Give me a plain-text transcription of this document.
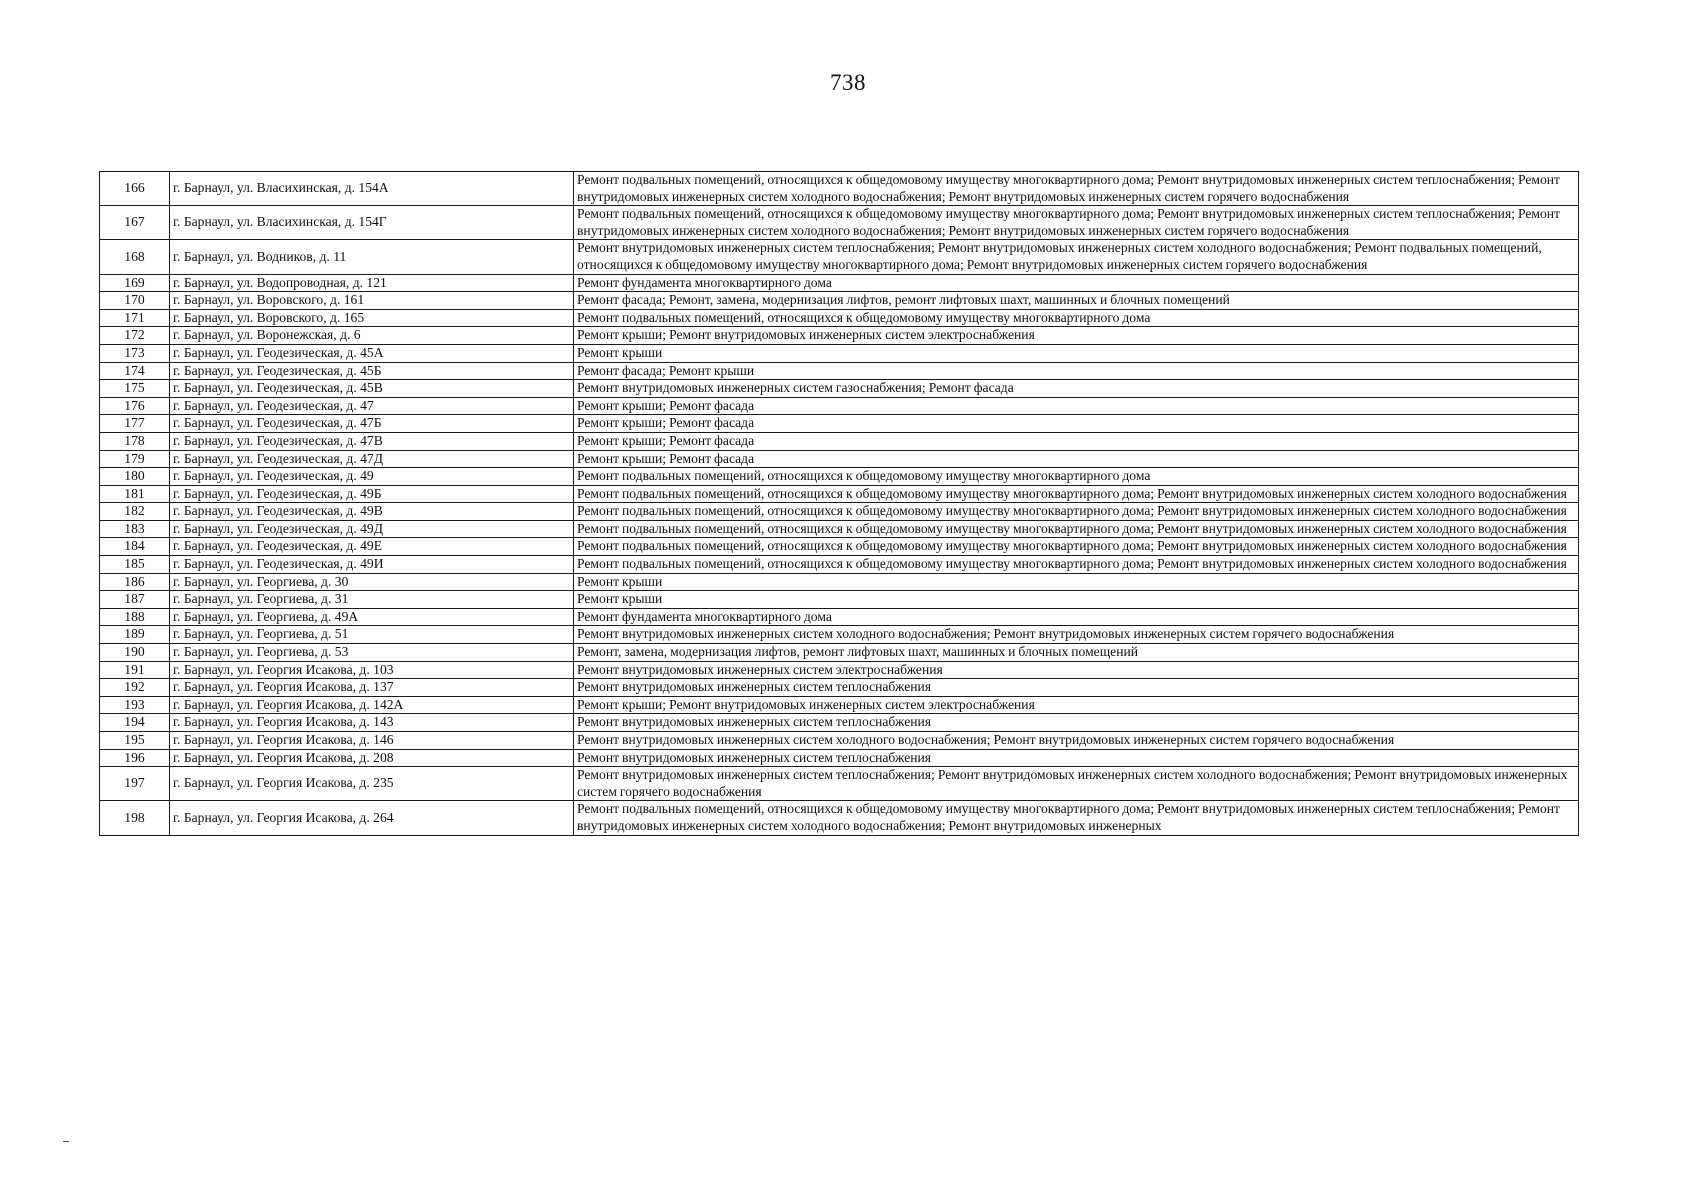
738
166	г. Барнаул, ул. Власихинская, д. 154А	Ремонт подвальных помещений, относящихся к общедомовому имуществу многоквартирного дома; Ремонт внутридомовых инженерных систем теплоснабжения; Ремонт внутридомовых инженерных систем холодного водоснабжения; Ремонт внутридомовых инженерных систем горячего водоснабжения
167	г. Барнаул, ул. Власихинская, д. 154Г	Ремонт подвальных помещений, относящихся к общедомовому имуществу многоквартирного дома; Ремонт внутридомовых инженерных систем теплоснабжения; Ремонт внутридомовых инженерных систем холодного водоснабжения; Ремонт внутридомовых инженерных систем горячего водоснабжения
168	г. Барнаул, ул. Водников, д. 11	Ремонт внутридомовых инженерных систем теплоснабжения; Ремонт внутридомовых инженерных систем холодного водоснабжения; Ремонт подвальных помещений, относящихся к общедомовому имуществу многоквартирного дома; Ремонт внутридомовых инженерных систем горячего водоснабжения
169	г. Барнаул, ул. Водопроводная, д. 121	Ремонт фундамента многоквартирного дома
170	г. Барнаул, ул. Воровского, д. 161	Ремонт фасада; Ремонт, замена, модернизация лифтов, ремонт лифтовых шахт, машинных и блочных помещений
171	г. Барнаул, ул. Воровского, д. 165	Ремонт подвальных помещений, относящихся к общедомовому имуществу многоквартирного дома
172	г. Барнаул, ул. Воронежская, д. 6	Ремонт крыши; Ремонт внутридомовых инженерных систем электроснабжения
173	г. Барнаул, ул. Геодезическая, д. 45А	Ремонт крыши
174	г. Барнаул, ул. Геодезическая, д. 45Б	Ремонт фасада; Ремонт крыши
175	г. Барнаул, ул. Геодезическая, д. 45В	Ремонт внутридомовых инженерных систем газоснабжения; Ремонт фасада
176	г. Барнаул, ул. Геодезическая, д. 47	Ремонт крыши; Ремонт фасада
177	г. Барнаул, ул. Геодезическая, д. 47Б	Ремонт крыши; Ремонт фасада
178	г. Барнаул, ул. Геодезическая, д. 47В	Ремонт крыши; Ремонт фасада
179	г. Барнаул, ул. Геодезическая, д. 47Д	Ремонт крыши; Ремонт фасада
180	г. Барнаул, ул. Геодезическая, д. 49	Ремонт подвальных помещений, относящихся к общедомовому имуществу многоквартирного дома
181	г. Барнаул, ул. Геодезическая, д. 49Б	Ремонт подвальных помещений, относящихся к общедомовому имуществу многоквартирного дома; Ремонт внутридомовых инженерных систем холодного водоснабжения
182	г. Барнаул, ул. Геодезическая, д. 49В	Ремонт подвальных помещений, относящихся к общедомовому имуществу многоквартирного дома; Ремонт внутридомовых инженерных систем холодного водоснабжения
183	г. Барнаул, ул. Геодезическая, д. 49Д	Ремонт подвальных помещений, относящихся к общедомовому имуществу многоквартирного дома; Ремонт внутридомовых инженерных систем холодного водоснабжения
184	г. Барнаул, ул. Геодезическая, д. 49Е	Ремонт подвальных помещений, относящихся к общедомовому имуществу многоквартирного дома; Ремонт внутридомовых инженерных систем холодного водоснабжения
185	г. Барнаул, ул. Геодезическая, д. 49И	Ремонт подвальных помещений, относящихся к общедомовому имуществу многоквартирного дома; Ремонт внутридомовых инженерных систем холодного водоснабжения
186	г. Барнаул, ул. Георгиева, д. 30	Ремонт крыши
187	г. Барнаул, ул. Георгиева, д. 31	Ремонт крыши
188	г. Барнаул, ул. Георгиева, д. 49А	Ремонт фундамента многоквартирного дома
189	г. Барнаул, ул. Георгиева, д. 51	Ремонт внутридомовых инженерных систем холодного водоснабжения; Ремонт внутридомовых инженерных систем горячего водоснабжения
190	г. Барнаул, ул. Георгиева, д. 53	Ремонт, замена, модернизация лифтов, ремонт лифтовых шахт, машинных и блочных помещений
191	г. Барнаул, ул. Георгия Исакова, д. 103	Ремонт внутридомовых инженерных систем электроснабжения
192	г. Барнаул, ул. Георгия Исакова, д. 137	Ремонт внутридомовых инженерных систем теплоснабжения
193	г. Барнаул, ул. Георгия Исакова, д. 142А	Ремонт крыши; Ремонт внутридомовых инженерных систем электроснабжения
194	г. Барнаул, ул. Георгия Исакова, д. 143	Ремонт внутридомовых инженерных систем теплоснабжения
195	г. Барнаул, ул. Георгия Исакова, д. 146	Ремонт внутридомовых инженерных систем холодного водоснабжения; Ремонт внутридомовых инженерных систем горячего водоснабжения
196	г. Барнаул, ул. Георгия Исакова, д. 208	Ремонт внутридомовых инженерных систем теплоснабжения
197	г. Барнаул, ул. Георгия Исакова, д. 235	Ремонт внутридомовых инженерных систем теплоснабжения; Ремонт внутридомовых инженерных систем холодного водоснабжения; Ремонт внутридомовых инженерных систем горячего водоснабжения
198	г. Барнаул, ул. Георгия Исакова, д. 264	Ремонт подвальных помещений, относящихся к общедомовому имуществу многоквартирного дома; Ремонт внутридомовых инженерных систем теплоснабжения; Ремонт внутридомовых инженерных систем холодного водоснабжения; Ремонт внутридомовых инженерных
